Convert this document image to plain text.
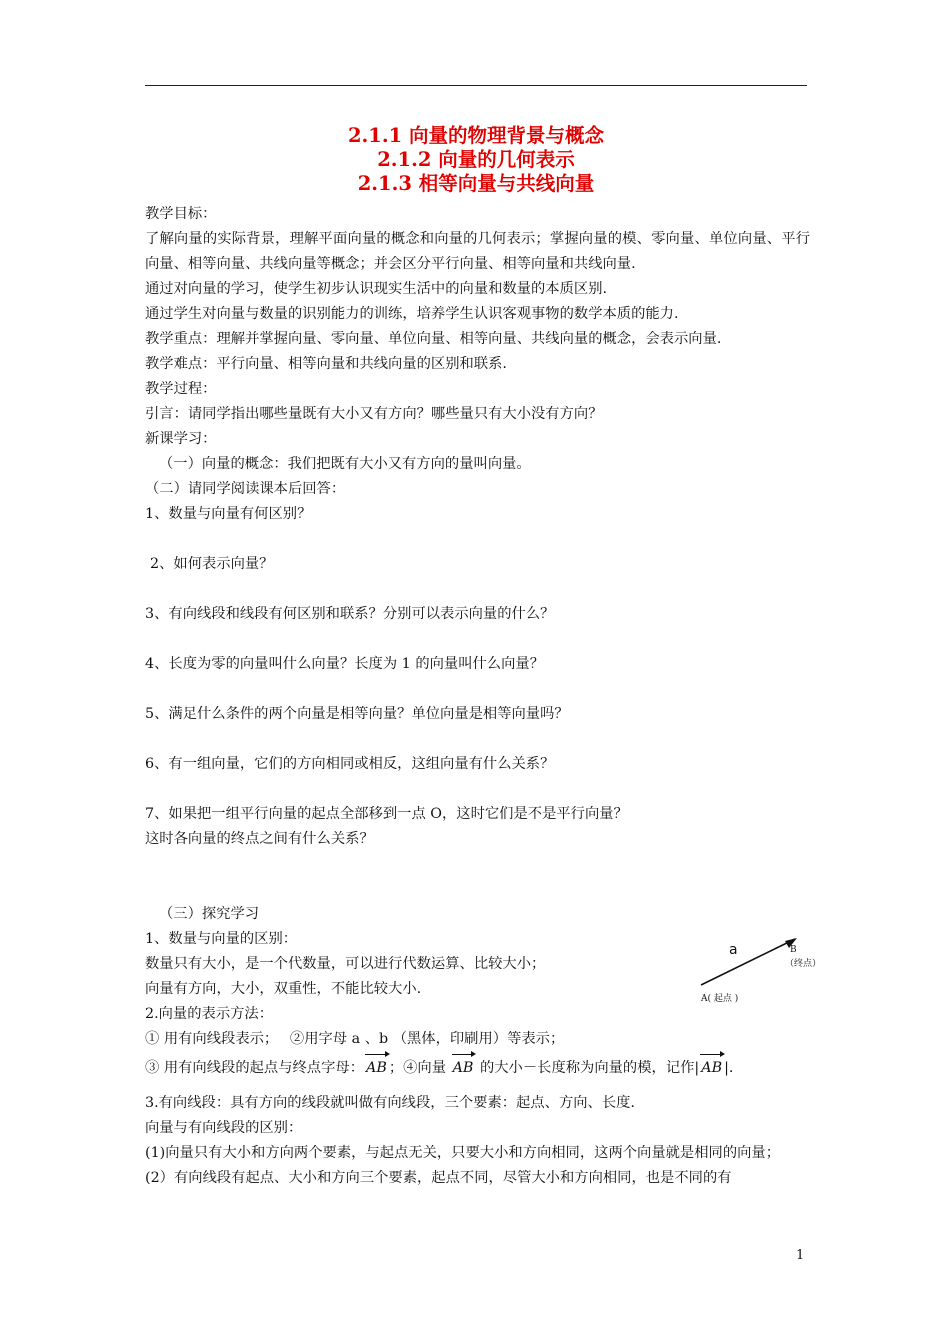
2.1.1 向量的物理背景与概念
2.1.2 向量的几何表示
2.1.3 相等向量与共线向量
教学目标：
了解向量的实际背景，理解平面向量的概念和向量的几何表示；掌握向量的模、零向量、单位向量、平行向量、相等向量、共线向量等概念；并会区分平行向量、相等向量和共线向量.
通过对向量的学习，使学生初步认识现实生活中的向量和数量的本质区别.
通过学生对向量与数量的识别能力的训练，培养学生认识客观事物的数学本质的能力.
教学重点：理解并掌握向量、零向量、单位向量、相等向量、共线向量的概念，会表示向量.
教学难点：平行向量、相等向量和共线向量的区别和联系.
教学过程：
引言：请同学指出哪些量既有大小又有方向？哪些量只有大小没有方向？
新课学习：
（一）向量的概念：我们把既有大小又有方向的量叫向量。
（二）请同学阅读课本后回答：
1、数量与向量有何区别？
2、如何表示向量？
3、有向线段和线段有何区别和联系？分别可以表示向量的什么？
4、长度为零的向量叫什么向量？长度为 1 的向量叫什么向量？
5、满足什么条件的两个向量是相等向量？单位向量是相等向量吗？
6、有一组向量，它们的方向相同或相反，这组向量有什么关系？
7、如果把一组平行向量的起点全部移到一点 O，这时它们是不是平行向量？
这时各向量的终点之间有什么关系？
（三）探究学习
1、数量与向量的区别：
数量只有大小，是一个代数量，可以进行代数运算、比较大小；
向量有方向，大小，双重性，不能比较大小.
2.向量的表示方法：
① 用有向线段表示；　 ②用字母 a 、b （黑体，印刷用）等表示；
③ 用有向线段的起点与终点字母： AB ；④向量 AB 的大小－长度称为向量的模，记作| AB |.
3.有向线段：具有方向的线段就叫做有向线段，三个要素：起点、方向、长度.
向量与有向线段的区别：
(1)向量只有大小和方向两个要素，与起点无关，只要大小和方向相同，这两个向量就是相同的向量；
(2）有向线段有起点、大小和方向三个要素，起点不同，尽管大小和方向相同，也是不同的有
a	B
（终点）
A( 起点 )
1
